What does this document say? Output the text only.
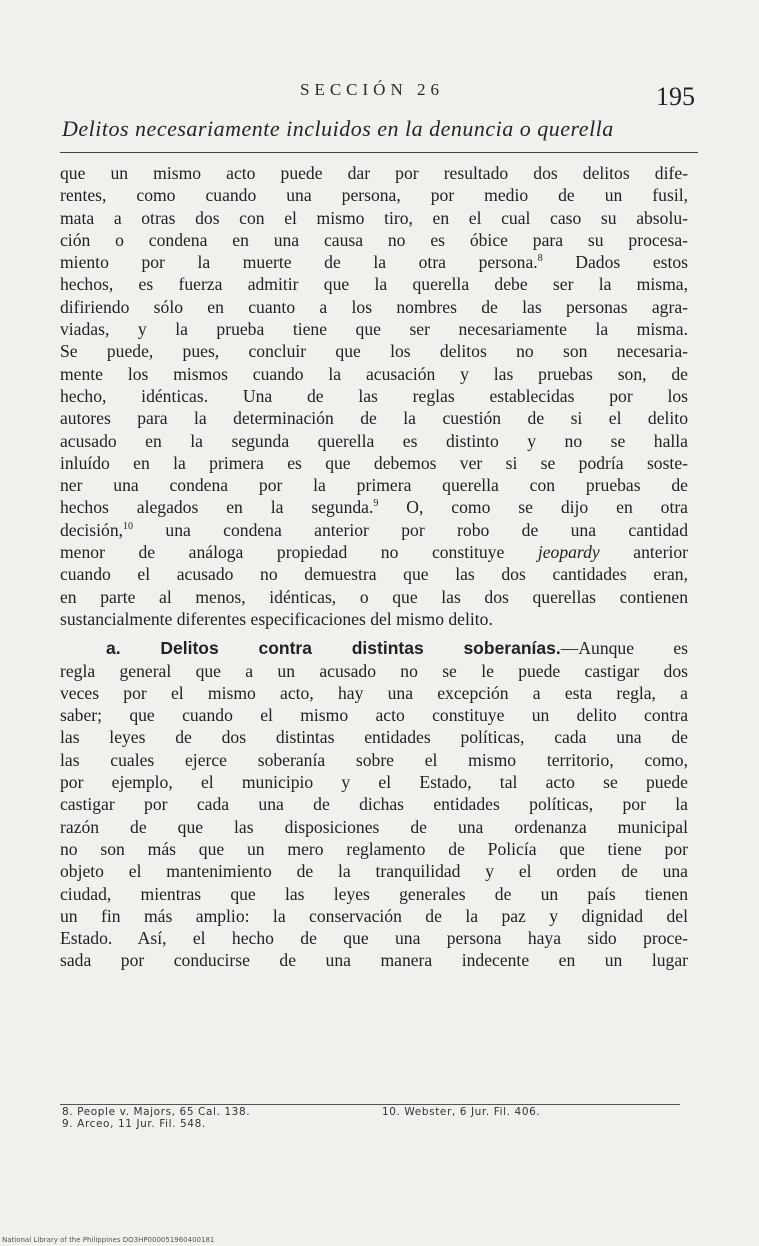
SECCIÓN 26	195
Delitos necesariamente incluidos en la denuncia o querella

que un mismo acto puede dar por resultado dos delitos dife-
rentes, como cuando una persona, por medio de un fusil,
mata a otras dos con el mismo tiro, en el cual caso su absolu-
ción o condena en una causa no es óbice para su procesa-
miento por la muerte de la otra persona.$^8$ Dados estos
hechos, es fuerza admitir que la querella debe ser la misma,
difiriendo sólo en cuanto a los nombres de las personas agra-
viadas, y la prueba tiene que ser necesariamente la misma.
Se puede, pues, concluir que los delitos no son necesaria-
mente los mismos cuando la acusación y las pruebas son, de
hecho, idénticas. Una de las reglas establecidas por los
autores para la determinación de la cuestión de si el delito
acusado en la segunda querella es distinto y no se halla
inluído en la primera es que debemos ver si se podría soste-
ner una condena por la primera querella con pruebas de
hechos alegados en la segunda.$^9$ O, como se dijo en otra
decisión,$^{10}$ una condena anterior por robo de una cantidad
menor de análoga propiedad no constituye jeopardy anterior
cuando el acusado no demuestra que las dos cantidades eran,
en parte al menos, idénticas, o que las dos querellas contienen
sustancialmente diferentes especificaciones del mismo delito.

a. Delitos contra distintas soberanías.—Aunque es
regla general que a un acusado no se le puede castigar dos
veces por el mismo acto, hay una excepción a esta regla, a
saber; que cuando el mismo acto constituye un delito contra
las leyes de dos distintas entidades políticas, cada una de
las cuales ejerce soberanía sobre el mismo territorio, como,
por ejemplo, el municipio y el Estado, tal acto se puede
castigar por cada una de dichas entidades políticas, por la
razón de que las disposiciones de una ordenanza municipal
no son más que un mero reglamento de Policía que tiene por
objeto el mantenimiento de la tranquilidad y el orden de una
ciudad, mientras que las leyes generales de un país tienen
un fin más amplio: la conservación de la paz y dignidad del
Estado. Así, el hecho de que una persona haya sido proce-
sada por conducirse de una manera indecente en un lugar

8. People v. Majors, 65 Cal. 138.
9. Arceo, 11 Jur. Fil. 548.
10. Webster, 6 Jur. Fil. 406.
National Library of the Philippines DO3HP000051960400181
